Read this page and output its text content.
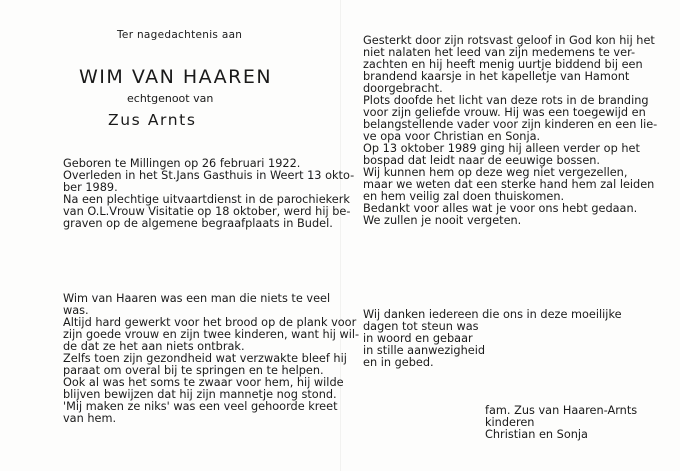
Ter nagedachtenis aan

WIM VAN HAAREN

echtgenoot van

Zus Arnts

Geboren te Millingen op 26 februari 1922.
Overleden in het St.Jans Gasthuis in Weert 13 okto-
ber 1989.
Na een plechtige uitvaartdienst in de parochiekerk
van O.L.Vrouw Visitatie op 18 oktober, werd hij be-
graven op de algemene begraafplaats in Budel.
Wim van Haaren was een man die niets te veel
was.
Altijd hard gewerkt voor het brood op de plank voor
zijn goede vrouw en zijn twee kinderen, want hij wil-
de dat ze het aan niets ontbrak.
Zelfs toen zijn gezondheid wat verzwakte bleef hij
paraat om overal bij te springen en te helpen.
Ook al was het soms te zwaar voor hem, hij wilde
blijven bewijzen dat hij zijn mannetje nog stond.
'Mij maken ze niks' was een veel gehoorde kreet
van hem.
Gesterkt door zijn rotsvast geloof in God kon hij het
niet nalaten het leed van zijn medemens te ver-
zachten en hij heeft menig uurtje biddend bij een
brandend kaarsje in het kapelletje van Hamont
doorgebracht.
Plots doofde het licht van deze rots in de branding
voor zijn geliefde vrouw. Hij was een toegewijd en
belangstellende vader voor zijn kinderen en een lie-
ve opa voor Christian en Sonja.
Op 13 oktober 1989 ging hij alleen verder op het
bospad dat leidt naar de eeuwige bossen.
Wij kunnen hem op deze weg niet vergezellen,
maar we weten dat een sterke hand hem zal leiden
en hem veilig zal doen thuiskomen.
Bedankt voor alles wat je voor ons hebt gedaan.
We zullen je nooit vergeten.
Wij danken iedereen die ons in deze moeilijke
dagen tot steun was
in woord en gebaar
in stille aanwezigheid
en in gebed.
fam. Zus van Haaren-Arnts
kinderen
Christian en Sonja
